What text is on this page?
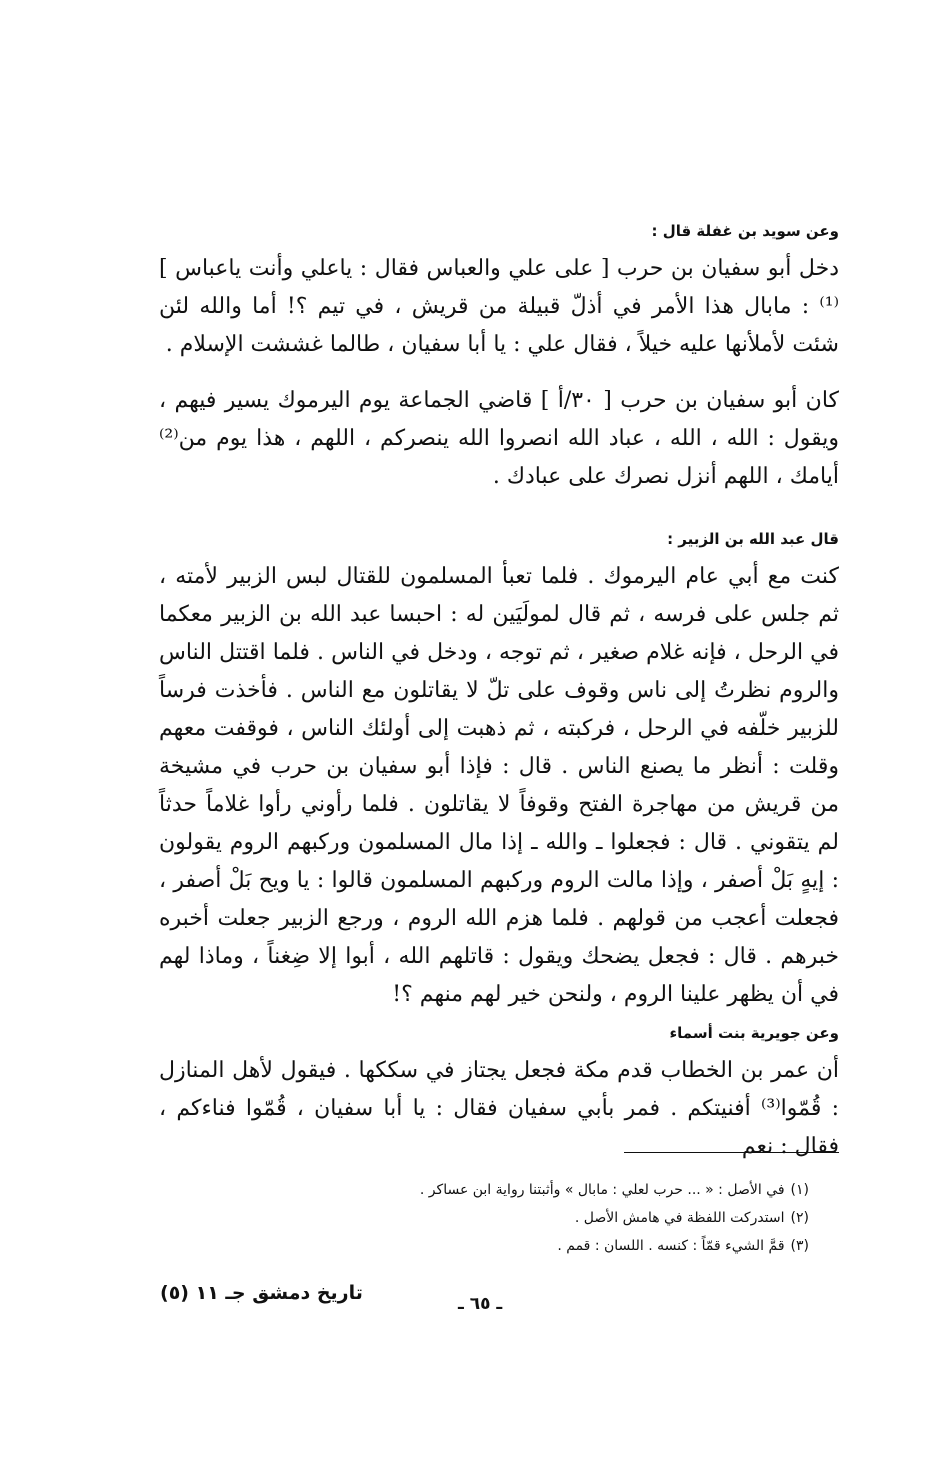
وعن سويد بن غفلة قال :

دخل أبو سفيان بن حرب [ على علي والعباس فقال : ياعلي وأنت ياعباس ] ⁽¹⁾ : مابال هذا الأمر في أذلّ قبيلة من قريش ، في تيم ؟! أما والله لئن شئت لأملأنها عليه خيلاً ، فقال علي : يا أبا سفيان ، طالما غششت الإسلام .

كان أبو سفيان بن حرب [ ٣٠/أ ] قاضي الجماعة يوم اليرموك يسير فيهم ، ويقول : الله ، الله ، عباد الله انصروا الله ينصركم ، اللهم ، هذا يوم من⁽²⁾ أيامك ، اللهم أنزل نصرك على عبادك .

قال عبد الله بن الزبير :

كنت مع أبي عام اليرموك . فلما تعبأ المسلمون للقتال لبس الزبير لأمته ، ثم جلس على فرسه ، ثم قال لمولَيَين له : احبسا عبد الله بن الزبير معكما في الرحل ، فإنه غلام صغير ، ثم توجه ، ودخل في الناس . فلما اقتتل الناس والروم نظرتُ إلى ناس وقوف على تلّ لا يقاتلون مع الناس . فأخذت فرساً للزبير خلّفه في الرحل ، فركبته ، ثم ذهبت إلى أولئك الناس ، فوقفت معهم وقلت : أنظر ما يصنع الناس . قال : فإذا أبو سفيان بن حرب في مشيخة من قريش من مهاجرة الفتح وقوفاً لا يقاتلون . فلما رأوني رأوا غلاماً حدثاً لم يتقوني . قال : فجعلوا ـ والله ـ إذا مال المسلمون وركبهم الروم يقولون : إيهٍ بَلْ أصفر ، وإذا مالت الروم وركبهم المسلمون قالوا : يا ويح بَلْ أصفر ، فجعلت أعجب من قولهم . فلما هزم الله الروم ، ورجع الزبير جعلت أخبره خبرهم . قال : فجعل يضحك ويقول : قاتلهم الله ، أبوا إلا ضِغناً ، وماذا لهم في أن يظهر علينا الروم ، ولنحن خير لهم منهم ؟!

وعن جويرية بنت أسماء

أن عمر بن الخطاب قدم مكة فجعل يجتاز في سككها . فيقول لأهل المنازل : قُمّوا⁽³⁾ أفنيتكم . فمر بأبي سفيان فقال : يا أبا سفيان ، قُمّوا فناءكم ، فقال : نعم

(١)في الأصل : « ... حرب لعلي : مابال » وأثبتنا رواية ابن عساكر .

(٢)استدركت اللفظة في هامش الأصل .

(٣)قمَّ الشيء قمّاً : كنسه . اللسان : قمم .

تاريخ دمشق جـ ١١ (٥)	ـ ٦٥ ـ
